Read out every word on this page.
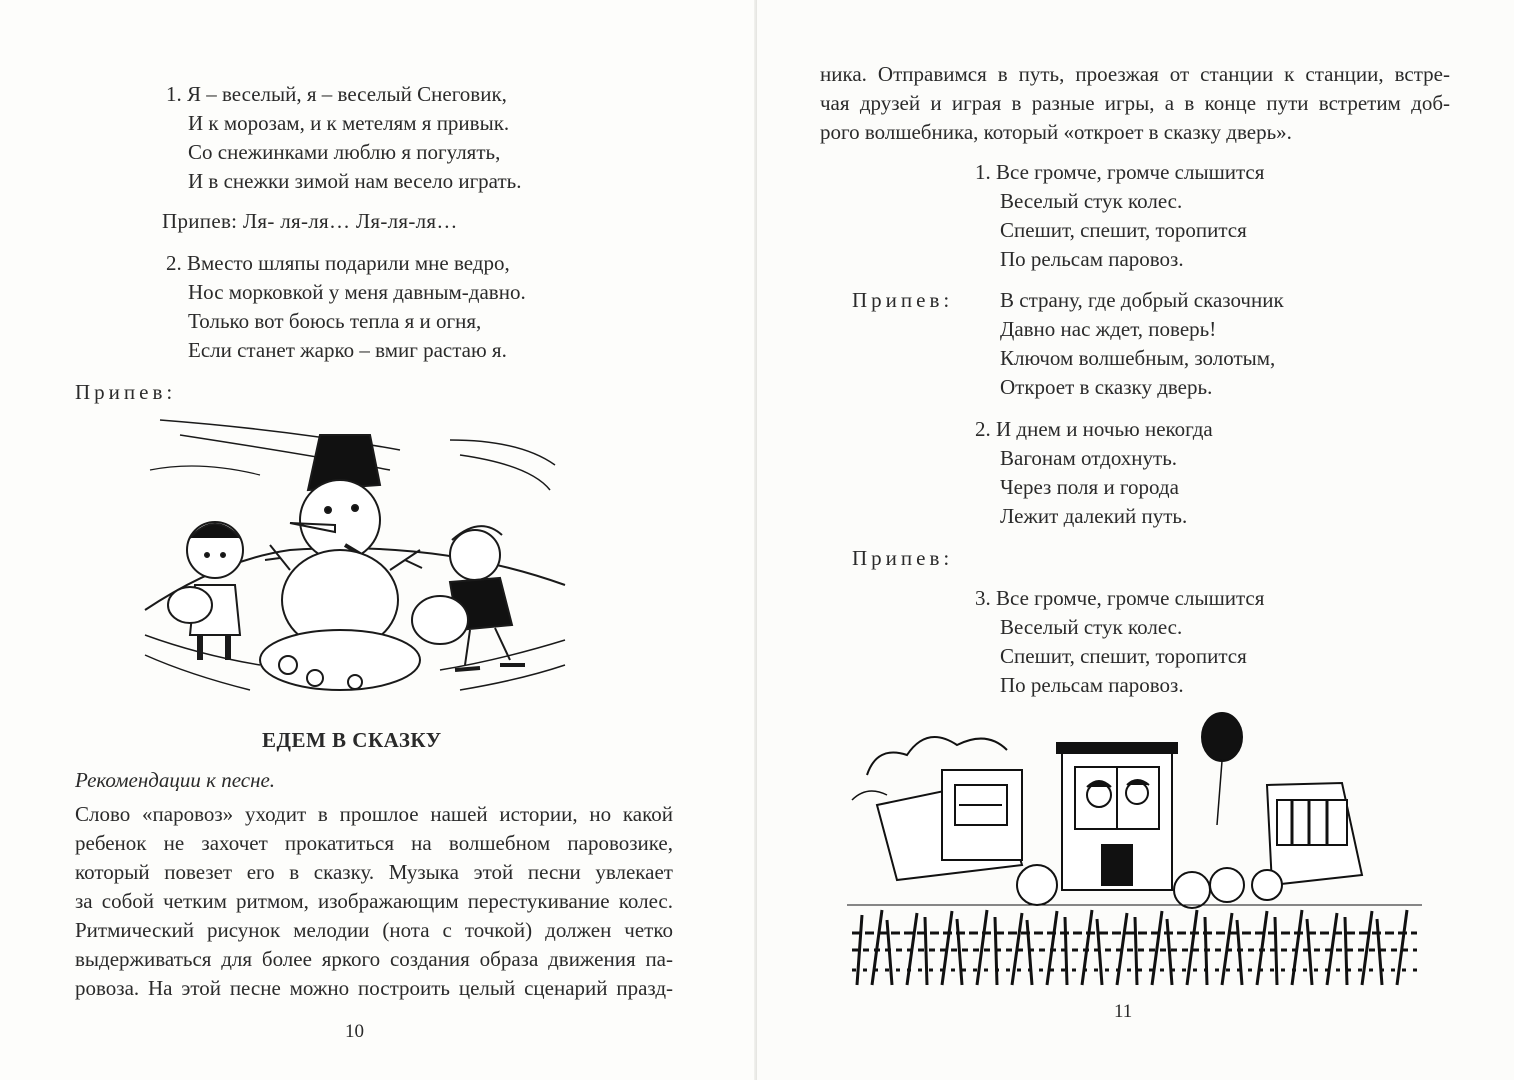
1. Я – веселый, я – веселый Снеговик,
И к морозам, и к метелям я привык.
Со снежинками люблю я погулять,
И в снежки зимой нам весело играть.
Припев: Ля- ля-ля… Ля-ля-ля…
2. Вместо шляпы подарили мне ведро,
Нос морковкой у меня давным-давно.
Только вот боюсь тепла я и огня,
Если станет жарко – вмиг растаю я.
Припев:
ЕДЕМ В СКАЗКУ
Рекомендации к песне.
Слово «паровоз» уходит в прошлое нашей истории, но какой
ребенок не захочет прокатиться на волшебном паровозике,
который повезет его в сказку. Музыка этой песни увлекает
за собой четким ритмом, изображающим перестукивание колес.
Ритмический рисунок мелодии (нота с точкой) должен четко
выдерживаться для более яркого создания образа движения па-
ровоза. На этой песне можно построить целый сценарий празд-
10
ника. Отправимся в путь, проезжая от станции к станции, встре-
чая друзей и играя в разные игры, а в конце пути встретим доб-
рого волшебника, который «откроет в сказку дверь».
1. Все громче, громче слышится
Веселый стук колес.
Спешит, спешит, торопится
По рельсам паровоз.
Припев: В страну, где добрый сказочник
Давно нас ждет, поверь!
Ключом волшебным, золотым,
Откроет в сказку дверь.
2. И днем и ночью некогда
Вагонам отдохнуть.
Через поля и города
Лежит далекий путь.
Припев:
3. Все громче, громче слышится
Веселый стук колес.
Спешит, спешит, торопится
По рельсам паровоз.
11
